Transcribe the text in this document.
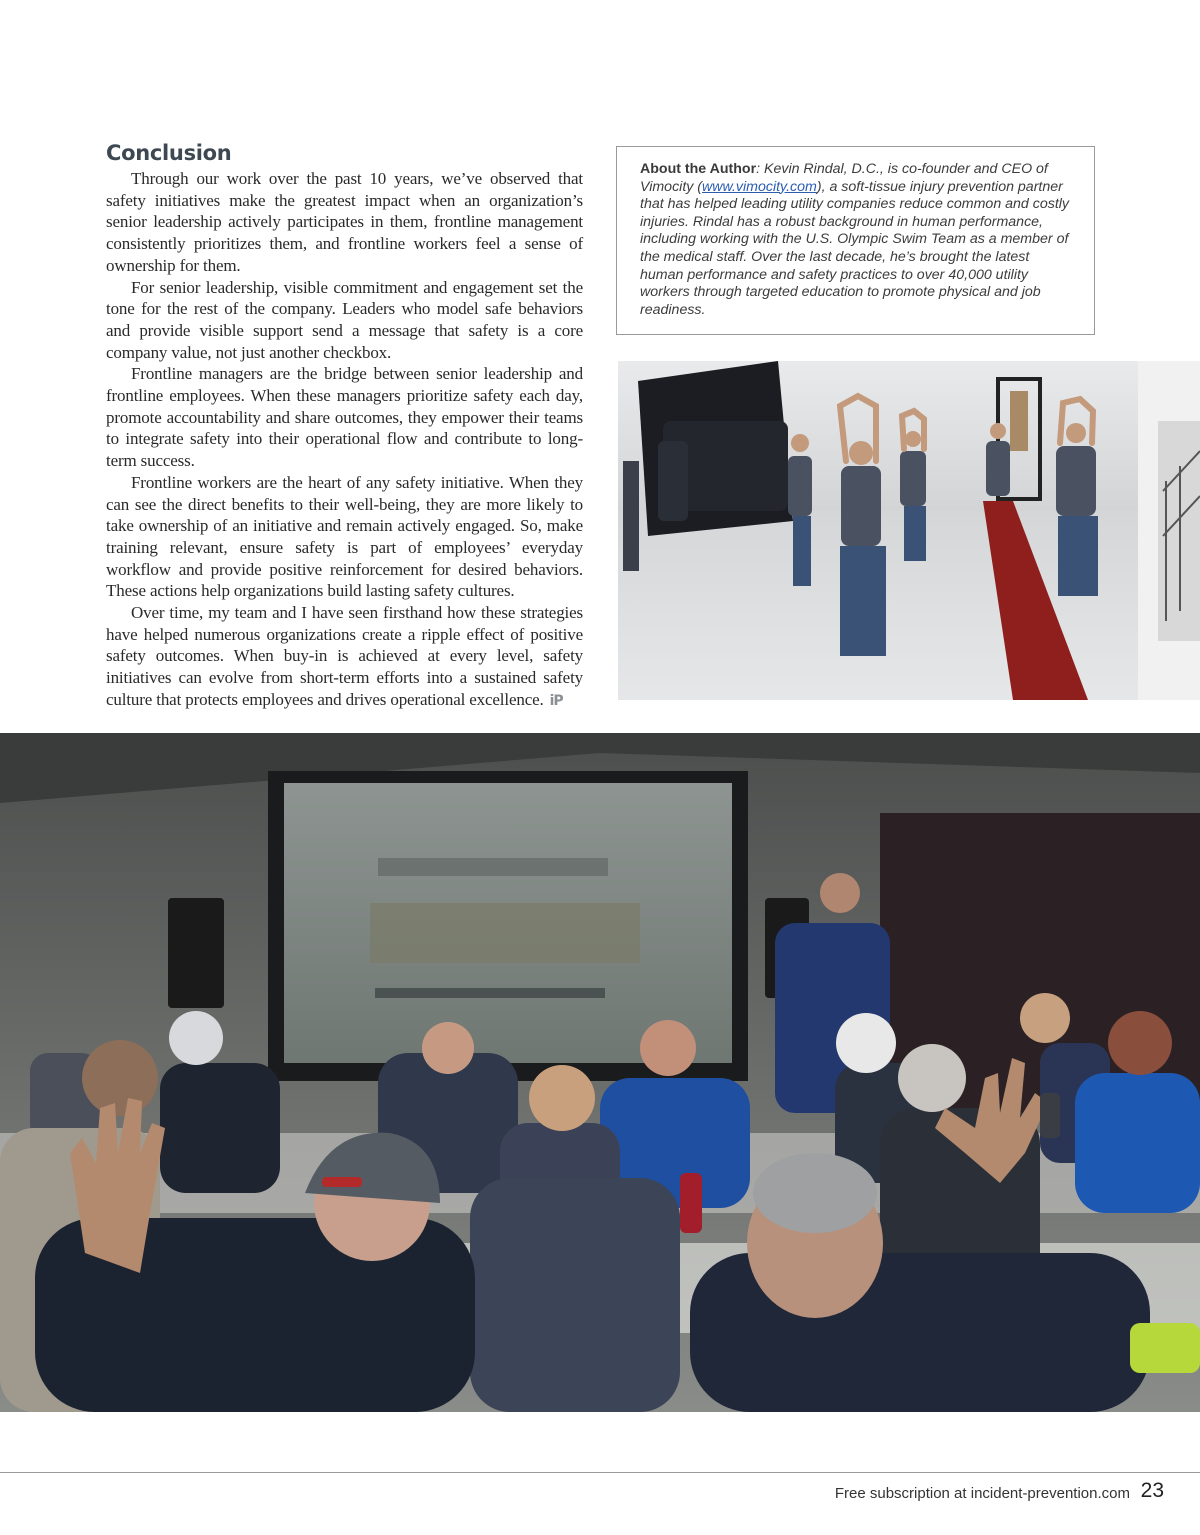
Conclusion

Through our work over the past 10 years, we’ve observed that safety initiatives make the greatest impact when an organization’s senior leadership actively participates in them, frontline management consistently prioritizes them, and frontline workers feel a sense of ownership for them.

For senior leadership, visible commitment and engagement set the tone for the rest of the company. Leaders who model safe behaviors and provide visible support send a message that safety is a core company value, not just another checkbox.

Frontline managers are the bridge between senior leadership and frontline employees. When these managers prioritize safety each day, promote accountability and share outcomes, they empower their teams to integrate safety into their operational flow and contribute to long-term success.

Frontline workers are the heart of any safety initiative. When they can see the direct benefits to their well-being, they are more likely to take ownership of an initiative and remain actively engaged. So, make training relevant, ensure safety is part of employees’ everyday workflow and provide positive reinforcement for desired behaviors. These actions help organizations build lasting safety cultures.

Over time, my team and I have seen firsthand how these strategies have helped numerous organizations create a ripple effect of positive safety outcomes. When buy-in is achieved at every level, safety initiatives can evolve from short-term efforts into a sustained safety culture that protects employees and drives operational excellence. iP

About the Author: Kevin Rindal, D.C., is co-founder and CEO of Vimocity (www.vimocity.com), a soft-tissue injury prevention partner that has helped leading utility companies reduce common and costly injuries. Rindal has a robust background in human performance, including working with the U.S. Olympic Swim Team as a member of the medical staff. Over the last decade, he’s brought the latest human performance and safety practices to over 40,000 utility workers through targeted education to promote physical and job readiness.
Free subscription at incident-prevention.com 23
